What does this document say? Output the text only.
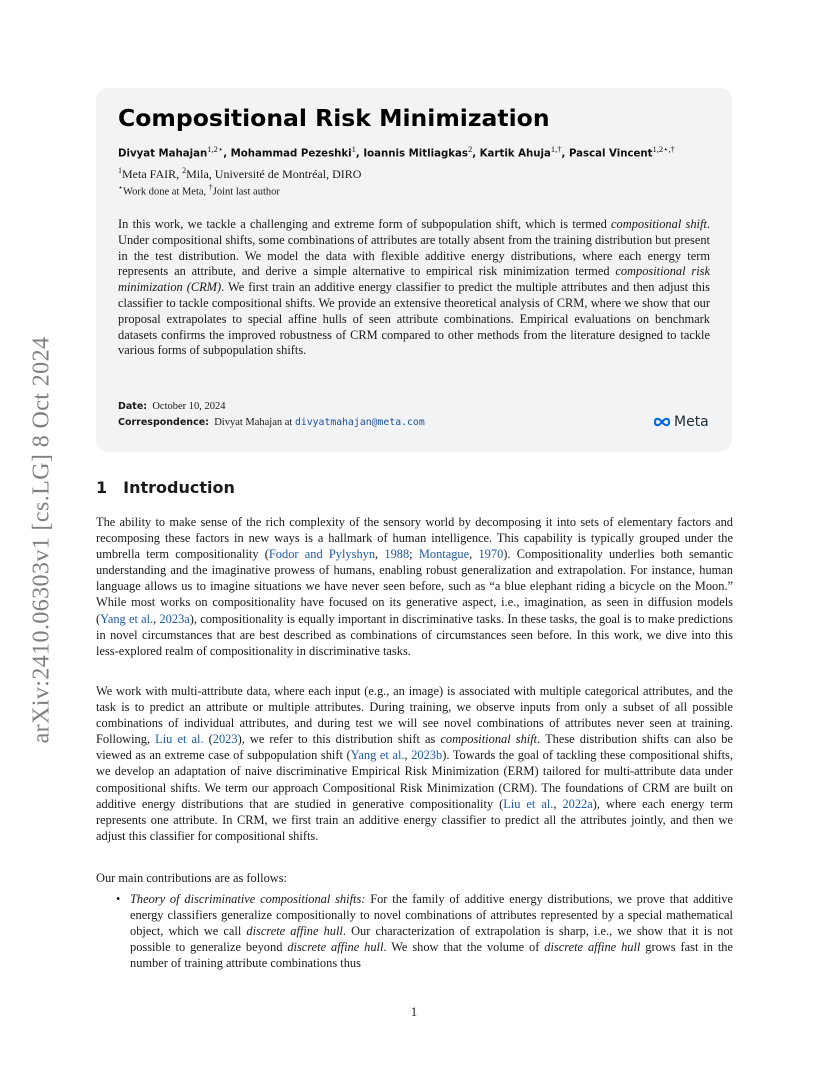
arXiv:2410.06303v1 [cs.LG] 8 Oct 2024
Compositional Risk Minimization
Divyat Mahajan$^{1,2⋆}$, Mohammad Pezeshki$^1$, Ioannis Mitliagkas$^2$, Kartik Ahuja$^{1,\dagger}$, Pascal Vincent$^{1,2⋆,\dagger}$
$^1$Meta FAIR, $^2$Mila, Université de Montréal, DIRO
⋆Work done at Meta, †Joint last author

In this work, we tackle a challenging and extreme form of subpopulation shift, which is termed compositional shift. Under compositional shifts, some combinations of attributes are totally absent from the training distribution but present in the test distribution. We model the data with flexible additive energy distributions, where each energy term represents an attribute, and derive a simple alternative to empirical risk minimization termed compositional risk minimization (CRM). We first train an additive energy classifier to predict the multiple attributes and then adjust this classifier to tackle compositional shifts. We provide an extensive theoretical analysis of CRM, where we show that our proposal extrapolates to special affine hulls of seen attribute combinations. Empirical evaluations on benchmark datasets confirms the improved robustness of CRM compared to other methods from the literature designed to tackle various forms of subpopulation shifts.

Date: October 10, 2024
Correspondence: Divyat Mahajan at divyatmahajan@meta.com	Meta
1 Introduction

The ability to make sense of the rich complexity of the sensory world by decomposing it into sets of elementary factors and recomposing these factors in new ways is a hallmark of human intelligence. This capability is typically grouped under the umbrella term compositionality (Fodor and Pylyshyn, 1988; Montague, 1970). Compositionality underlies both semantic understanding and the imaginative prowess of humans, enabling robust generalization and extrapolation. For instance, human language allows us to imagine situations we have never seen before, such as “a blue elephant riding a bicycle on the Moon.” While most works on compositionality have focused on its generative aspect, i.e., imagination, as seen in diffusion models (Yang et al., 2023a), compositionality is equally important in discriminative tasks. In these tasks, the goal is to make predictions in novel circumstances that are best described as combinations of circumstances seen before. In this work, we dive into this less-explored realm of compositionality in discriminative tasks.

We work with multi-attribute data, where each input (e.g., an image) is associated with multiple categorical attributes, and the task is to predict an attribute or multiple attributes. During training, we observe inputs from only a subset of all possible combinations of individual attributes, and during test we will see novel combinations of attributes never seen at training. Following, Liu et al. (2023), we refer to this distribution shift as compositional shift. These distribution shifts can also be viewed as an extreme case of subpopulation shift (Yang et al., 2023b). Towards the goal of tackling these compositional shifts, we develop an adaptation of naive discriminative Empirical Risk Minimization (ERM) tailored for multi-attribute data under compositional shifts. We term our approach Compositional Risk Minimization (CRM). The foundations of CRM are built on additive energy distributions that are studied in generative compositionality (Liu et al., 2022a), where each energy term represents one attribute. In CRM, we first train an additive energy classifier to predict all the attributes jointly, and then we adjust this classifier for compositional shifts.

Our main contributions are as follows:

• Theory of discriminative compositional shifts: For the family of additive energy distributions, we prove that additive energy classifiers generalize compositionally to novel combinations of attributes represented by a special mathematical object, which we call discrete affine hull. Our characterization of extrapolation is sharp, i.e., we show that it is not possible to generalize beyond discrete affine hull. We show that the volume of discrete affine hull grows fast in the number of training attribute combinations thus
1
